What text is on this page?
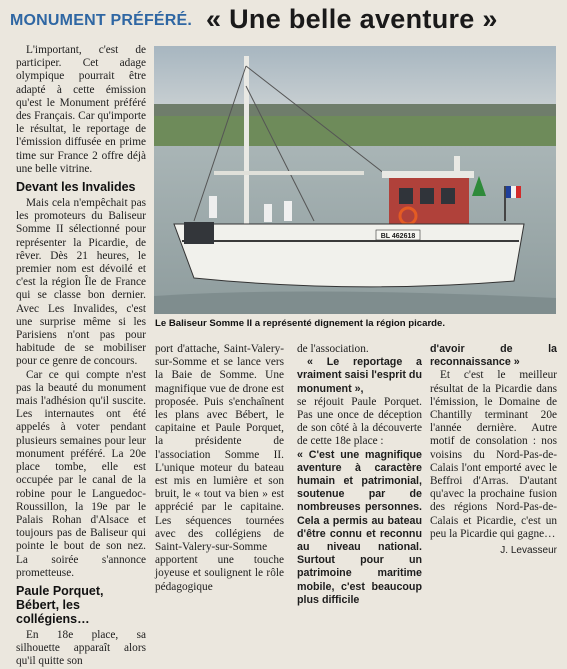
MONUMENT PRÉFÉRÉ. « Une belle aventure »

L'important, c'est de participer. Cet adage olympique pourrait être adapté à cette émission qu'est le Monument préféré des Français. Car qu'importe le résultat, le reportage de l'émission diffusée en prime time sur France 2 offre déjà une belle vitrine.

Devant les Invalides

Mais cela n'empêchait pas les promoteurs du Baliseur Somme II sélectionné pour représenter la Picardie, de rêver. Dès 21 heures, le premier nom est dévoilé et c'est la région Île de France qui se classe bon dernier. Avec Les Invalides, c'est une surprise même si les Parisiens n'ont pas pour habitude de se mobiliser pour ce genre de concours.

Car ce qui compte n'est pas la beauté du monument mais l'adhésion qu'il suscite. Les internautes ont été appelés à voter pendant plusieurs semaines pour leur monument préféré. La 20e place tombe, elle est occupée par le canal de la robine pour le Languedoc-Roussillon, la 19e par le Palais Rohan d'Alsace et toujours pas de Baliseur qui pointe le bout de son nez. La soirée s'annonce prometteuse.

Paule Porquet, Bébert, les collégiens…

En 18e place, sa silhouette apparaît alors qu'il quitte son

BL 462618
Le Baliseur Somme II a représenté dignement la région picarde.

port d'attache, Saint-Valery-sur-Somme et se lance vers la Baie de Somme. Une magnifique vue de drone est proposée. Puis s'enchaînent les plans avec Bébert, le capitaine et Paule Porquet, la présidente de l'association Somme II. L'unique moteur du bateau est mis en lumière et son bruit, le « tout va bien » est apprécié par le capitaine. Les séquences tournées avec des collégiens de Saint-Valery-sur-Somme apportent une touche joyeuse et soulignent le rôle pédagogique

de l'association.

« Le reportage a vraiment saisi l'esprit du monument »,

se réjouit Paule Porquet. Pas une once de déception de son côté à la découverte de cette 18e place :

« C'est une magnifique aventure à caractère humain et patrimonial, soutenue par de nombreuses personnes. Cela a permis au bateau d'être connu et reconnu au niveau national. Surtout pour un patrimoine maritime mobile, c'est beaucoup plus difficile

d'avoir de la reconnaissance »

Et c'est le meilleur résultat de la Picardie dans l'émission, le Domaine de Chantilly terminant 20e l'année dernière. Autre motif de consolation : nos voisins du Nord-Pas-de-Calais l'ont emporté avec le Beffroi d'Arras. D'autant qu'avec la prochaine fusion des régions Nord-Pas-de-Calais et Picardie, c'est un peu la Picardie qui gagne…

J. Levasseur
